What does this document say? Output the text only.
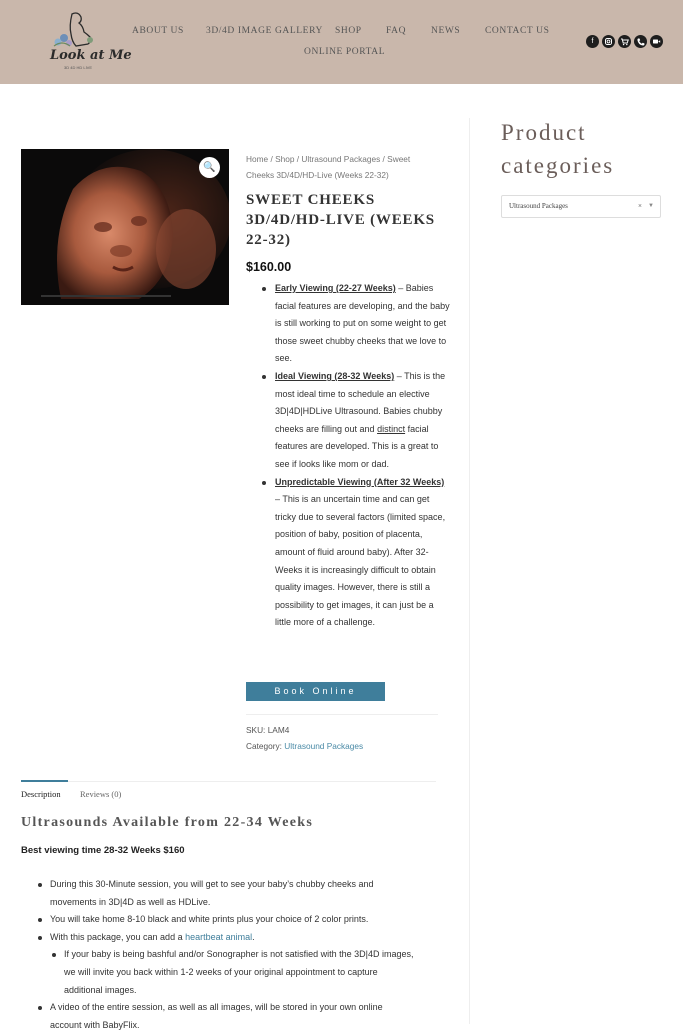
Look at Me
3D 4D HD LIVE
ABOUT US 3D/4D IMAGE GALLERY SHOP	FAQ	NEWS	CONTACT US
ONLINE PORTAL
f
🔍
Home / Shop / Ultrasound Packages / Sweet Cheeks 3D/4D/HD-Live (Weeks 22-32)
SWEET CHEEKS 3D/4D/HD-LIVE (WEEKS 22-32)
$160.00
Early Viewing (22-27 Weeks) – Babies facial features are developing, and the baby is still working to put on some weight to get those sweet chubby cheeks that we love to see.
Ideal Viewing (28-32 Weeks) – This is the most ideal time to schedule an elective 3D|4D|HDLive Ultrasound. Babies chubby cheeks are filling out and distinct facial features are developed. This is a great to see if looks like mom or dad.
Unpredictable Viewing (After 32 Weeks) – This is an uncertain time and can get tricky due to several factors (limited space, position of baby, position of placenta, amount of fluid around baby). After 32-Weeks it is increasingly difficult to obtain quality images. However, there is still a possibility to get images, it can just be a little more of a challenge.
Book Online
SKU: LAM4
Category: Ultrasound Packages
Product
categories
Ultrasound Packages	× ▼
Description Reviews (0)
Ultrasounds Available from 22-34 Weeks
Best viewing time 28-32 Weeks $160
During this 30-Minute session, you will get to see your baby’s chubby cheeks and movements in 3D|4D as well as HDLive.
You will take home 8-10 black and white prints plus your choice of 2 color prints.
With this package, you can add a heartbeat animal.
If your baby is being bashful and/or Sonographer is not satisfied with the 3D|4D images, we will invite you back within 1-2 weeks of your original appointment to capture additional images.
A video of the entire session, as well as all images, will be stored in your own online account with BabyFlix.
